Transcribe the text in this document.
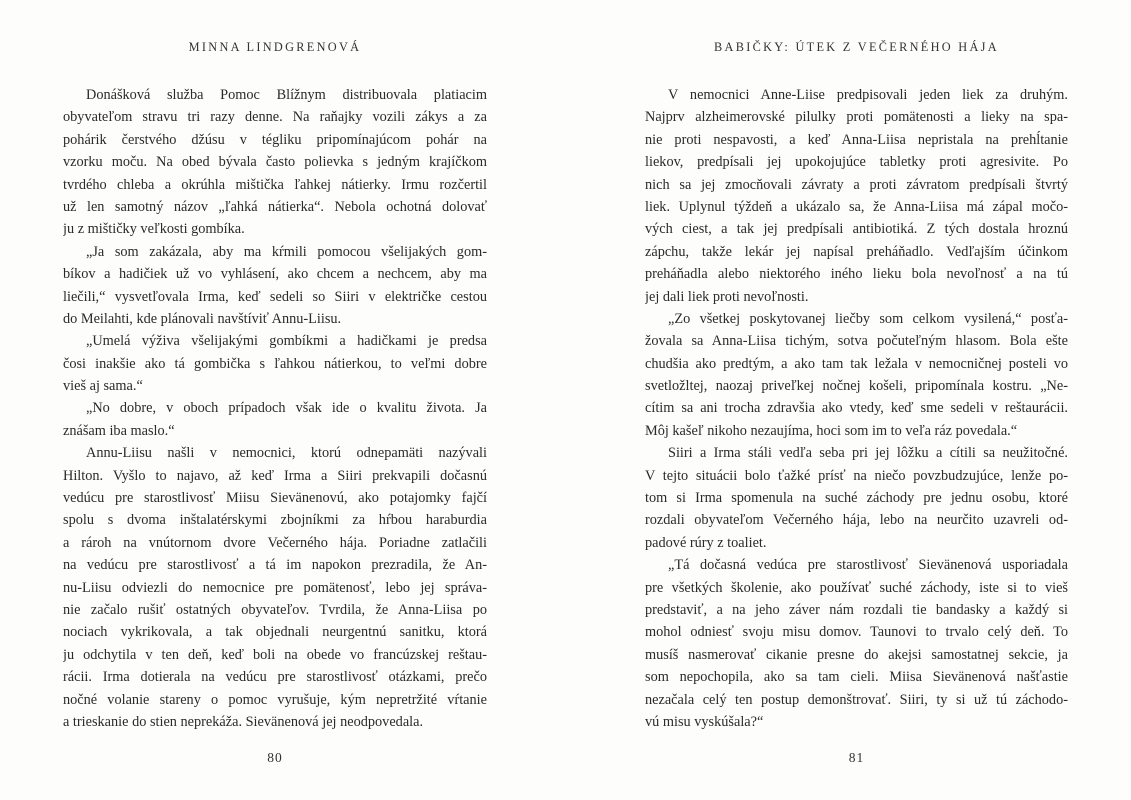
MINNA LINDGRENOVÁ
Donášková služba Pomoc Blížnym distribuovala platiacim
obyvateľom stravu tri razy denne. Na raňajky vozili zákys a za
pohárik čerstvého džúsu v tégliku pripomínajúcom pohár na
vzorku moču. Na obed bývala často polievka s jedným krajíčkom
tvrdého chleba a okrúhla mištička ľahkej nátierky. Irmu rozčertil
už len samotný názov „ľahká nátierka“. Nebola ochotná dolovať
ju z mištičky veľkosti gombíka.
„Ja som zakázala, aby ma kŕmili pomocou všelijakých gom-
bíkov a hadičiek už vo vyhlásení, ako chcem a nechcem, aby ma
liečili,“ vysvetľovala Irma, keď sedeli so Siiri v električke cestou
do Meilahti, kde plánovali navštíviť Annu-Liisu.
„Umelá výživa všelijakými gombíkmi a hadičkami je predsa
čosi inakšie ako tá gombička s ľahkou nátierkou, to veľmi dobre
vieš aj sama.“
„No dobre, v oboch prípadoch však ide o kvalitu života. Ja
znášam iba maslo.“
Annu-Liisu našli v nemocnici, ktorú odnepamäti nazývali
Hilton. Vyšlo to najavo, až keď Irma a Siiri prekvapili dočasnú
vedúcu pre starostlivosť Miisu Sievänenovú, ako potajomky fajčí
spolu s dvoma inštalatérskymi zbojníkmi za hŕbou haraburdia
a rároh na vnútornom dvore Večerného hája. Poriadne zatlačili
na vedúcu pre starostlivosť a tá im napokon prezradila, že An-
nu-Liisu odviezli do nemocnice pre pomätenosť, lebo jej správa-
nie začalo rušiť ostatných obyvateľov. Tvrdila, že Anna-Liisa po
nociach vykrikovala, a tak objednali neurgentnú sanitku, ktorá
ju odchytila v ten deň, keď boli na obede vo francúzskej reštau-
rácii. Irma dotierala na vedúcu pre starostlivosť otázkami, prečo
nočné volanie stareny o pomoc vyrušuje, kým nepretržité vŕtanie
a trieskanie do stien neprekáža. Sievänenová jej neodpovedala.
80
BABIČKY: ÚTEK Z VEČERNÉHO HÁJA
V nemocnici Anne-Liise predpisovali jeden liek za druhým.
Najprv alzheimerovské pilulky proti pomätenosti a lieky na spa-
nie proti nespavosti, a keď Anna-Liisa nepristala na prehĺtanie
liekov, predpísali jej upokojujúce tabletky proti agresivite. Po
nich sa jej zmocňovali závraty a proti závratom predpísali štvrtý
liek. Uplynul týždeň a ukázalo sa, že Anna-Liisa má zápal močo-
vých ciest, a tak jej predpísali antibiotiká. Z tých dostala hroznú
zápchu, takže lekár jej napísal preháňadlo. Vedľajším účinkom
preháňadla alebo niektorého iného lieku bola nevoľnosť a na tú
jej dali liek proti nevoľnosti.
„Zo všetkej poskytovanej liečby som celkom vysilená,“ posťa-
žovala sa Anna-Liisa tichým, sotva počuteľným hlasom. Bola ešte
chudšia ako predtým, a ako tam tak ležala v nemocničnej posteli vo
svetložltej, naozaj priveľkej nočnej košeli, pripomínala kostru. „Ne-
cítim sa ani trocha zdravšia ako vtedy, keď sme sedeli v reštaurácii.
Môj kašeľ nikoho nezaujíma, hoci som im to veľa ráz povedala.“
Siiri a Irma stáli vedľa seba pri jej lôžku a cítili sa neužitočné.
V tejto situácii bolo ťažké prísť na niečo povzbudzujúce, lenže po-
tom si Irma spomenula na suché záchody pre jednu osobu, ktoré
rozdali obyvateľom Večerného hája, lebo na neurčito uzavreli od-
padové rúry z toaliet.
„Tá dočasná vedúca pre starostlivosť Sievänenová usporiadala
pre všetkých školenie, ako používať suché záchody, iste si to vieš
predstaviť, a na jeho záver nám rozdali tie bandasky a každý si
mohol odniesť svoju misu domov. Taunovi to trvalo celý deň. To
musíš nasmerovať cikanie presne do akejsi samostatnej sekcie, ja
som nepochopila, ako sa tam cieli. Miisa Sievänenová našťastie
nezačala celý ten postup demonštrovať. Siiri, ty si už tú záchodo-
vú misu vyskúšala?“
81
